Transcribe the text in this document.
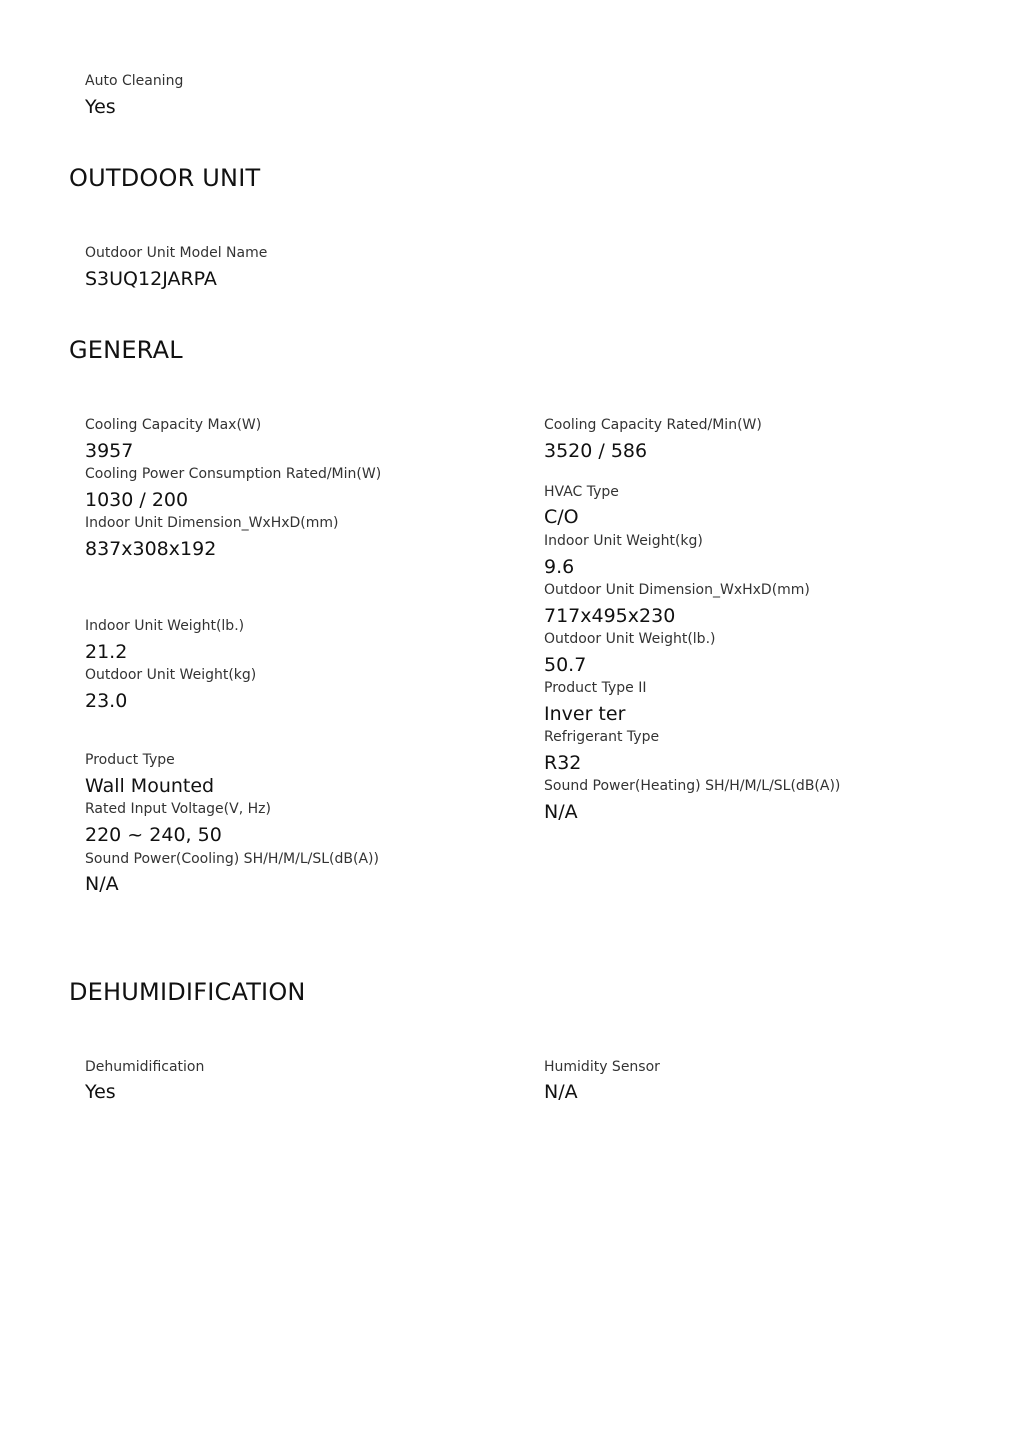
Auto Cleaning
Yes
OUTDOOR UNIT
Outdoor Unit Model Name
S3UQ12JARPA
GENERAL
Cooling Capacity Max(W)
3957
Cooling Power Consumption Rated/Min(W)
1030 / 200
Indoor Unit Dimension_WxHxD(mm)
837x308x192
Indoor Unit Weight(lb.)
21.2
Outdoor Unit Weight(kg)
23.0
Product Type
Wall Mounted
Rated Input Voltage(V, Hz)
220 ~ 240, 50
Sound Power(Cooling) SH/H/M/L/SL(dB(A))
N/A
Cooling Capacity Rated/Min(W)
3520 / 586
HVAC Type
C/O
Indoor Unit Weight(kg)
9.6
Outdoor Unit Dimension_WxHxD(mm)
717x495x230
Outdoor Unit Weight(lb.)
50.7
Product Type II
Inver ter
Refrigerant Type
R32
Sound Power(Heating) SH/H/M/L/SL(dB(A))
N/A
DEHUMIDIFICATION
Dehumidification
Yes
Humidity Sensor
N/A
